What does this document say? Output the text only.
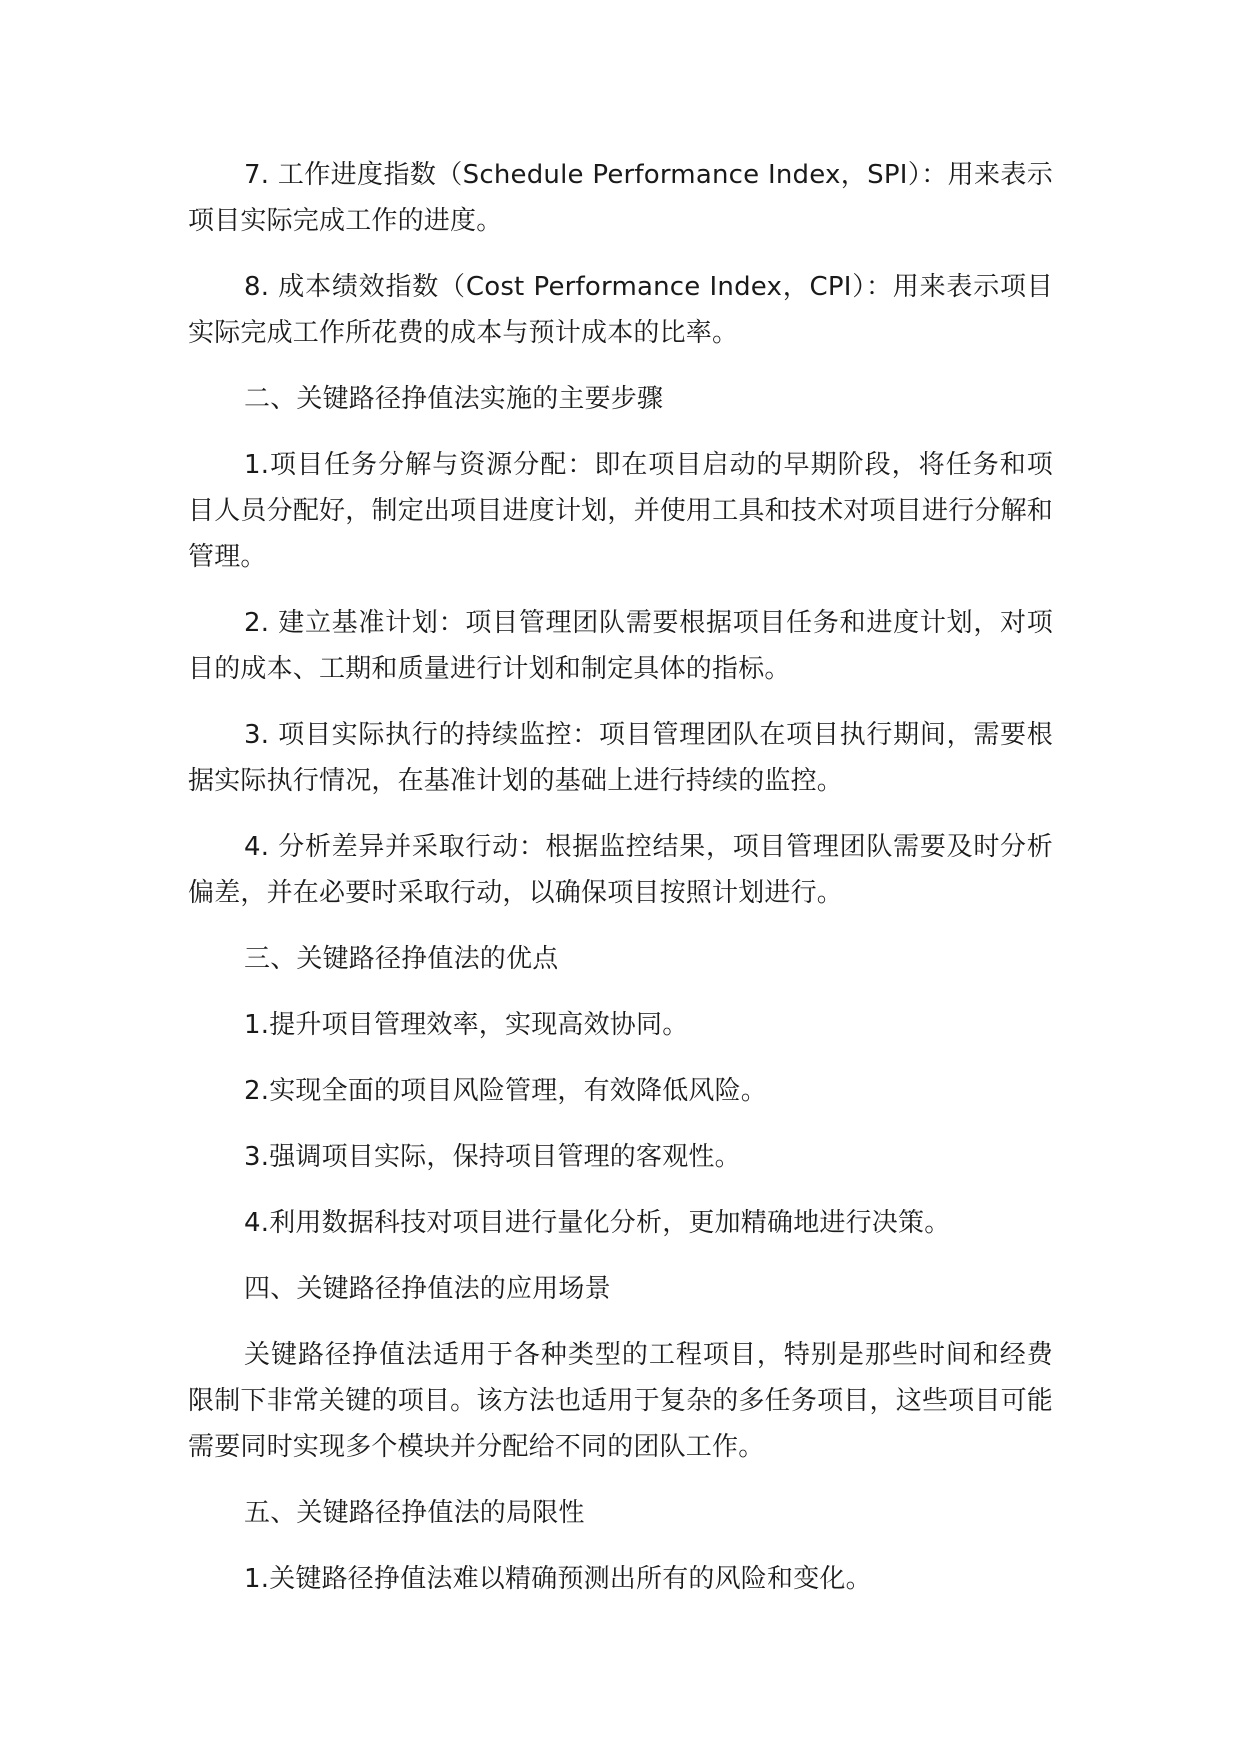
7. 工作进度指数（Schedule Performance Index，SPI）：用来表示项目实际完成工作的进度。

8. 成本绩效指数（Cost Performance Index，CPI）：用来表示项目实际完成工作所花费的成本与预计成本的比率。

二、关键路径挣值法实施的主要步骤

1.项目任务分解与资源分配：即在项目启动的早期阶段，将任务和项目人员分配好，制定出项目进度计划，并使用工具和技术对项目进行分解和管理。

2. 建立基准计划：项目管理团队需要根据项目任务和进度计划，对项目的成本、工期和质量进行计划和制定具体的指标。

3. 项目实际执行的持续监控：项目管理团队在项目执行期间，需要根据实际执行情况，在基准计划的基础上进行持续的监控。

4. 分析差异并采取行动：根据监控结果，项目管理团队需要及时分析偏差，并在必要时采取行动，以确保项目按照计划进行。

三、关键路径挣值法的优点

1.提升项目管理效率，实现高效协同。

2.实现全面的项目风险管理，有效降低风险。

3.强调项目实际，保持项目管理的客观性。

4.利用数据科技对项目进行量化分析，更加精确地进行决策。

四、关键路径挣值法的应用场景

关键路径挣值法适用于各种类型的工程项目，特别是那些时间和经费限制下非常关键的项目。该方法也适用于复杂的多任务项目，这些项目可能需要同时实现多个模块并分配给不同的团队工作。

五、关键路径挣值法的局限性

1.关键路径挣值法难以精确预测出所有的风险和变化。
